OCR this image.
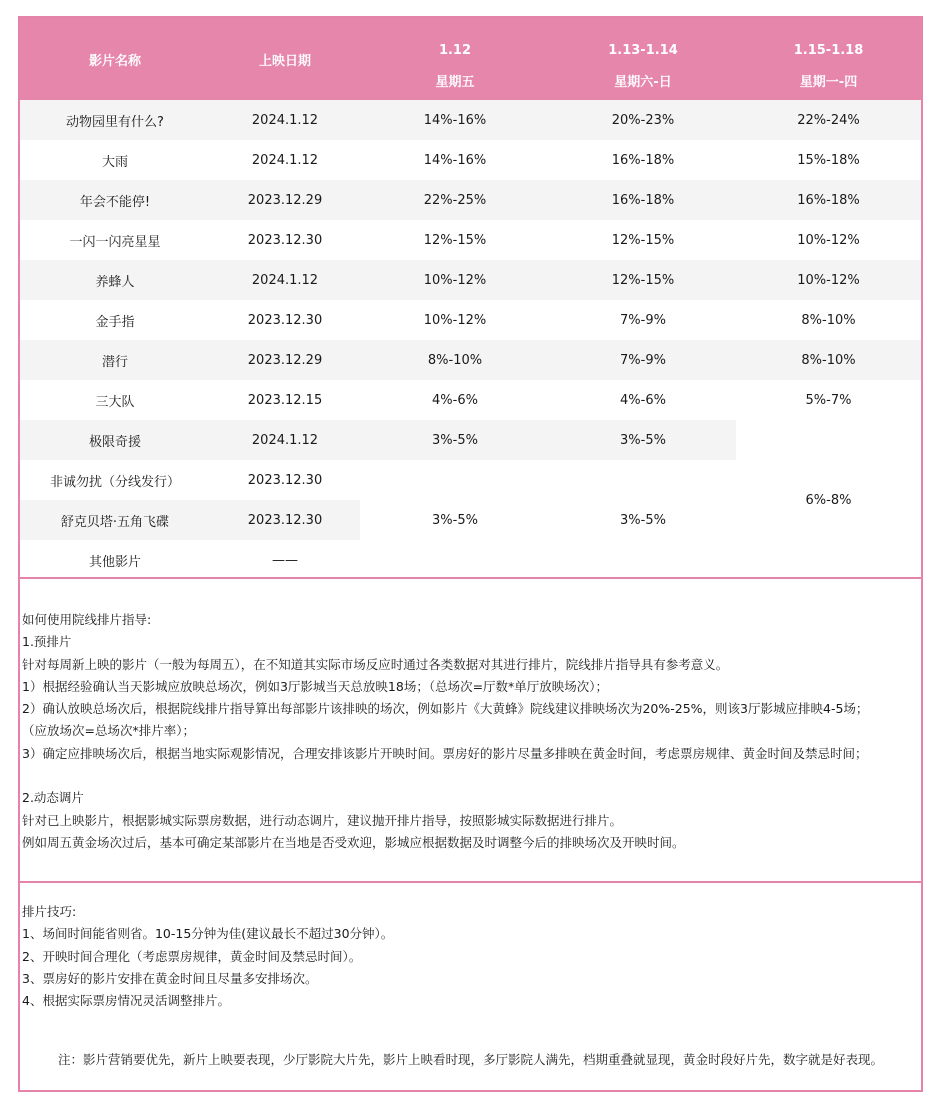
影片名称	上映日期	1.12	1.13-1.14	1.15-1.18
		星期五	星期六-日	星期一-四
动物园里有什么?	2024.1.12	14%-16%	20%-23%	22%-24%
大雨	2024.1.12	14%-16%	16%-18%	15%-18%
年会不能停!	2023.12.29	22%-25%	16%-18%	16%-18%
一闪一闪亮星星	2023.12.30	12%-15%	12%-15%	10%-12%
养蜂人	2024.1.12	10%-12%	12%-15%	10%-12%
金手指	2023.12.30	10%-12%	7%-9%	8%-10%
潜行	2023.12.29	8%-10%	7%-9%	8%-10%
三大队	2023.12.15	4%-6%	4%-6%	5%-7%
极限奇援	2024.1.12	3%-5%	3%-5%	6%-8%
非诚勿扰（分线发行）	2023.12.30	3%-5%	3%-5%	
舒克贝塔·五角飞碟	2023.12.30			
其他影片	——			
如何使用院线排片指导:
1.预排片
针对每周新上映的影片（一般为每周五），在不知道其实际市场反应时通过各类数据对其进行排片，院线排片指导具有参考意义。
1）根据经验确认当天影城应放映总场次，例如3厅影城当天总放映18场；（总场次=厅数*单厅放映场次）；
2）确认放映总场次后，根据院线排片指导算出每部影片该排映的场次，例如影片《大黄蜂》院线建议排映场次为20%-25%，则该3厅影城应排映4-5场；
（应放场次=总场次*排片率）；
3）确定应排映场次后，根据当地实际观影情况，合理安排该影片开映时间。票房好的影片尽量多排映在黄金时间，考虑票房规律、黄金时间及禁忌时间；
2.动态调片
针对已上映影片，根据影城实际票房数据，进行动态调片，建议抛开排片指导，按照影城实际数据进行排片。
例如周五黄金场次过后，基本可确定某部影片在当地是否受欢迎，影城应根据数据及时调整今后的排映场次及开映时间。
排片技巧:
1、场间时间能省则省。10-15分钟为佳(建议最长不超过30分钟）。
2、开映时间合理化（考虑票房规律，黄金时间及禁忌时间）。
3、票房好的影片安排在黄金时间且尽量多安排场次。
4、根据实际票房情况灵活调整排片。
注：影片营销要优先，新片上映要表现，少厅影院大片先，影片上映看时现，多厅影院人满先，档期重叠就显现，黄金时段好片先，数字就是好表现。
